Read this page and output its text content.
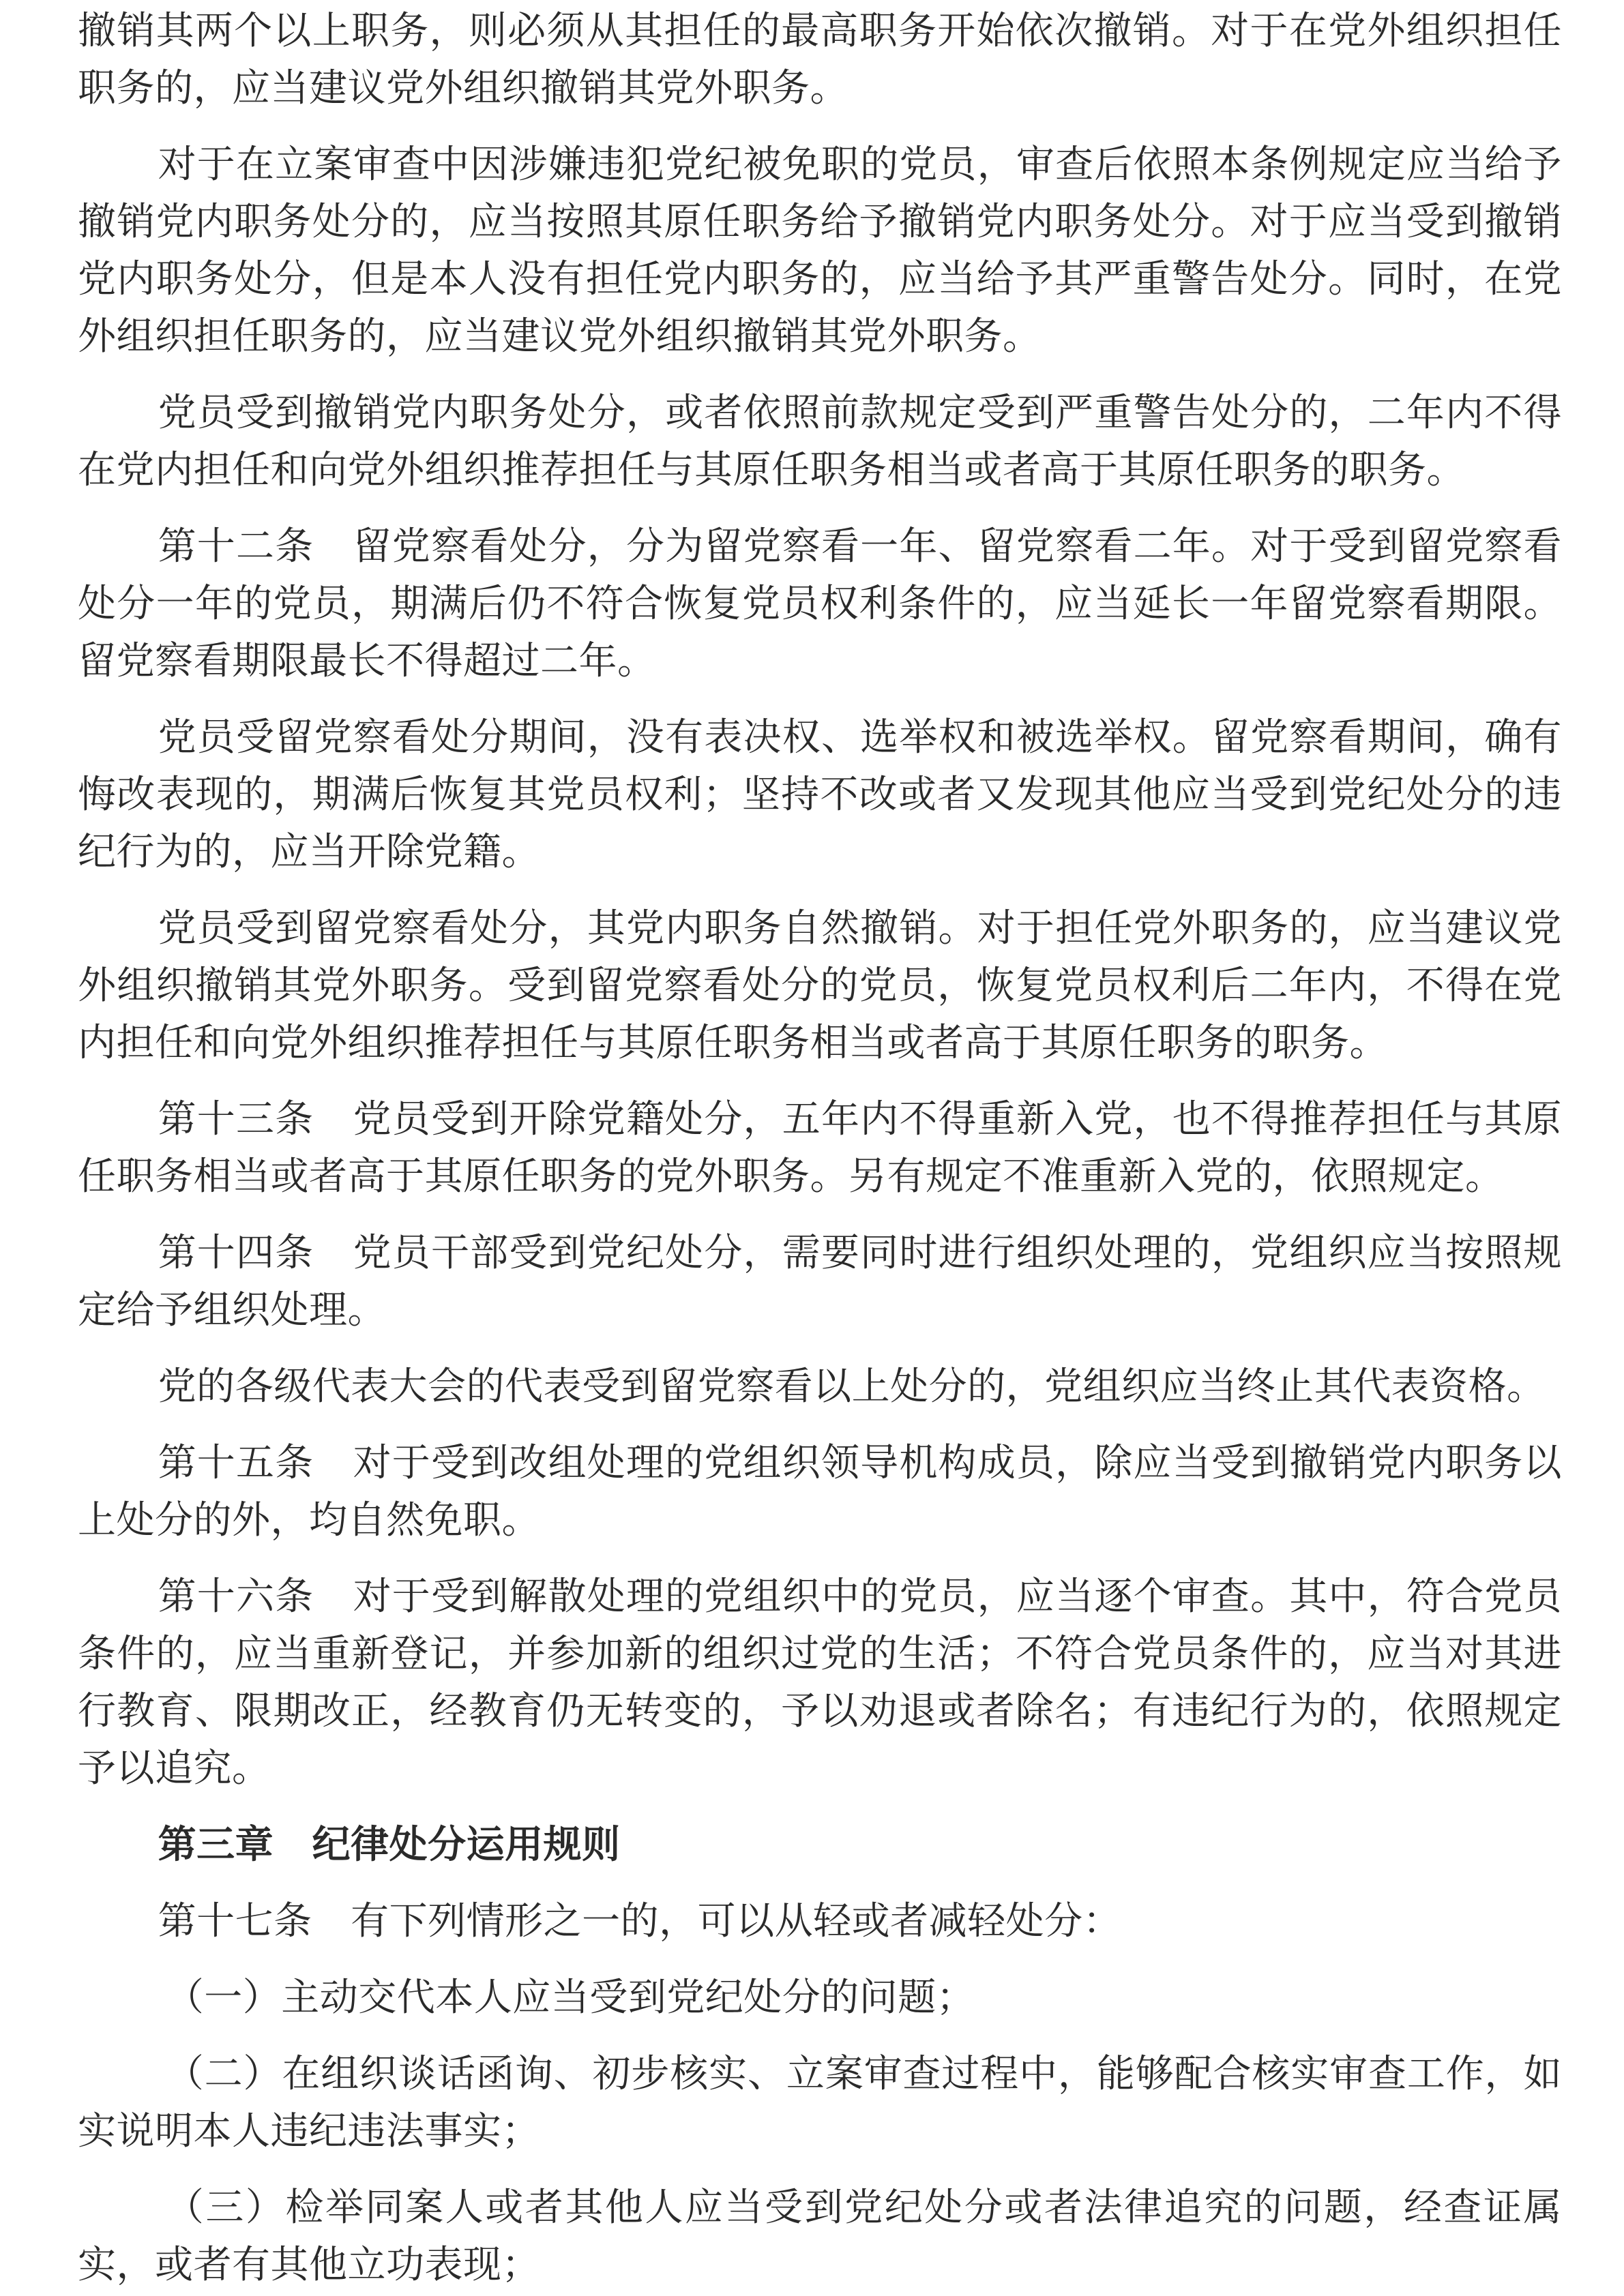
撤销其两个以上职务，则必须从其担任的最高职务开始依次撤销。对于在党外组织担任职务的，应当建议党外组织撤销其党外职务。

对于在立案审查中因涉嫌违犯党纪被免职的党员，审查后依照本条例规定应当给予撤销党内职务处分的，应当按照其原任职务给予撤销党内职务处分。对于应当受到撤销党内职务处分，但是本人没有担任党内职务的，应当给予其严重警告处分。同时，在党外组织担任职务的，应当建议党外组织撤销其党外职务。

党员受到撤销党内职务处分，或者依照前款规定受到严重警告处分的，二年内不得在党内担任和向党外组织推荐担任与其原任职务相当或者高于其原任职务的职务。

第十二条　留党察看处分，分为留党察看一年、留党察看二年。对于受到留党察看处分一年的党员，期满后仍不符合恢复党员权利条件的，应当延长一年留党察看期限。留党察看期限最长不得超过二年。

党员受留党察看处分期间，没有表决权、选举权和被选举权。留党察看期间，确有悔改表现的，期满后恢复其党员权利；坚持不改或者又发现其他应当受到党纪处分的违纪行为的，应当开除党籍。

党员受到留党察看处分，其党内职务自然撤销。对于担任党外职务的，应当建议党外组织撤销其党外职务。受到留党察看处分的党员，恢复党员权利后二年内，不得在党内担任和向党外组织推荐担任与其原任职务相当或者高于其原任职务的职务。

第十三条　党员受到开除党籍处分，五年内不得重新入党，也不得推荐担任与其原任职务相当或者高于其原任职务的党外职务。另有规定不准重新入党的，依照规定。

第十四条　党员干部受到党纪处分，需要同时进行组织处理的，党组织应当按照规定给予组织处理。

党的各级代表大会的代表受到留党察看以上处分的，党组织应当终止其代表资格。

第十五条　对于受到改组处理的党组织领导机构成员，除应当受到撤销党内职务以上处分的外，均自然免职。

第十六条　对于受到解散处理的党组织中的党员，应当逐个审查。其中，符合党员条件的，应当重新登记，并参加新的组织过党的生活；不符合党员条件的，应当对其进行教育、限期改正，经教育仍无转变的，予以劝退或者除名；有违纪行为的，依照规定予以追究。

第三章　纪律处分运用规则

第十七条　有下列情形之一的，可以从轻或者减轻处分：

（一）主动交代本人应当受到党纪处分的问题；

（二）在组织谈话函询、初步核实、立案审查过程中，能够配合核实审查工作，如实说明本人违纪违法事实；

（三）检举同案人或者其他人应当受到党纪处分或者法律追究的问题，经查证属实，或者有其他立功表现；
